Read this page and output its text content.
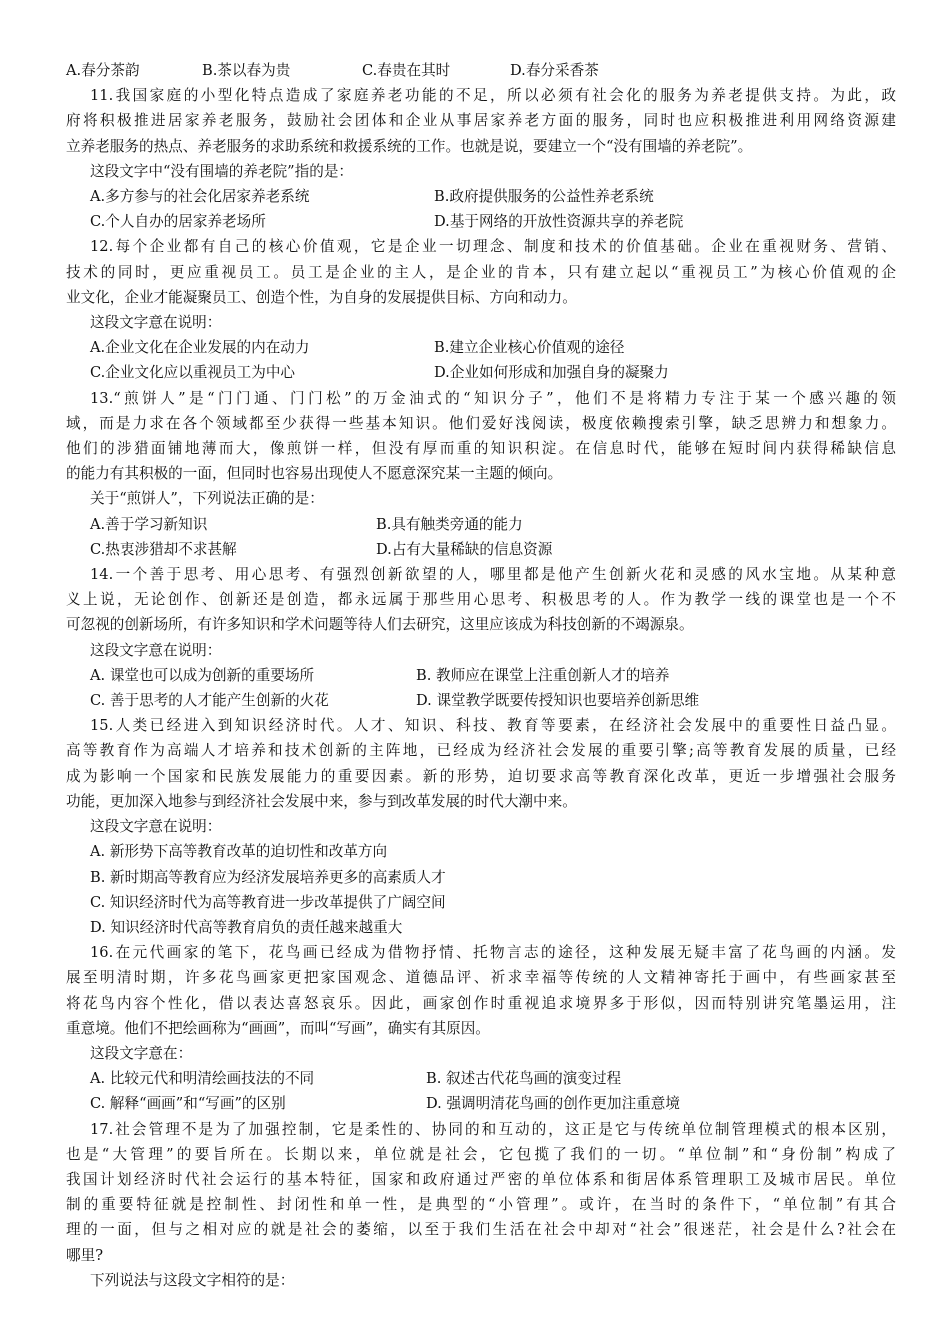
A.春分茶韵	B.茶以春为贵	C.春贵在其时	D.春分采香茶
11.我国家庭的小型化特点造成了家庭养老功能的不足，所以必须有社会化的服务为养老提供支持。为此，政
府将积极推进居家养老服务，鼓励社会团体和企业从事居家养老方面的服务，同时也应积极推进利用网络资源建
立养老服务的热点、养老服务的求助系统和救援系统的工作。也就是说，要建立一个“没有围墙的养老院”。
这段文字中“没有围墙的养老院”指的是：
A.多方参与的社会化居家养老系统	B.政府提供服务的公益性养老系统
C.个人自办的居家养老场所	D.基于网络的开放性资源共享的养老院
12.每个企业都有自己的核心价值观，它是企业一切理念、制度和技术的价值基础。企业在重视财务、营销、
技术的同时，更应重视员工。员工是企业的主人，是企业的肯本，只有建立起以“重视员工”为核心价值观的企
业文化，企业才能凝聚员工、创造个性，为自身的发展提供目标、方向和动力。
这段文字意在说明：
A.企业文化在企业发展的内在动力	B.建立企业核心价值观的途径
C.企业文化应以重视员工为中心	D.企业如何形成和加强自身的凝聚力
13.“煎饼人”是“门门通、门门松”的万金油式的“知识分子”，他们不是将精力专注于某一个感兴趣的领
域，而是力求在各个领域都至少获得一些基本知识。他们爱好浅阅读，极度依赖搜索引擎，缺乏思辨力和想象力。
他们的涉猎面铺地薄而大，像煎饼一样，但没有厚而重的知识积淀。在信息时代，能够在短时间内获得稀缺信息
的能力有其积极的一面，但同时也容易出现使人不愿意深究某一主题的倾向。
关于“煎饼人”，下列说法正确的是：
A.善于学习新知识	B.具有触类旁通的能力
C.热衷涉猎却不求甚解	D.占有大量稀缺的信息资源
14.一个善于思考、用心思考、有强烈创新欲望的人，哪里都是他产生创新火花和灵感的风水宝地。从某种意
义上说，无论创作、创新还是创造，都永远属于那些用心思考、积极思考的人。作为教学一线的课堂也是一个不
可忽视的创新场所，有许多知识和学术问题等待人们去研究，这里应该成为科技创新的不竭源泉。
这段文字意在说明：
A. 课堂也可以成为创新的重要场所	B. 教师应在课堂上注重创新人才的培养
C. 善于思考的人才能产生创新的火花	D. 课堂教学既要传授知识也要培养创新思维
15.人类已经进入到知识经济时代。人才、知识、科技、教育等要素，在经济社会发展中的重要性日益凸显。
高等教育作为高端人才培养和技术创新的主阵地，已经成为经济社会发展的重要引擎;高等教育发展的质量，已经
成为影响一个国家和民族发展能力的重要因素。新的形势，迫切要求高等教育深化改革，更近一步增强社会服务
功能，更加深入地参与到经济社会发展中来，参与到改革发展的时代大潮中来。
这段文字意在说明：
A. 新形势下高等教育改革的迫切性和改革方向
B. 新时期高等教育应为经济发展培养更多的高素质人才
C. 知识经济时代为高等教育进一步改革提供了广阔空间
D. 知识经济时代高等教育肩负的责任越来越重大
16.在元代画家的笔下，花鸟画已经成为借物抒情、托物言志的途径，这种发展无疑丰富了花鸟画的内涵。发
展至明清时期，许多花鸟画家更把家国观念、道德品评、祈求幸福等传统的人文精神寄托于画中，有些画家甚至
将花鸟内容个性化，借以表达喜怒哀乐。因此，画家创作时重视追求境界多于形似，因而特别讲究笔墨运用，注
重意境。他们不把绘画称为“画画”，而叫“写画”，确实有其原因。
这段文字意在：
A. 比较元代和明清绘画技法的不同	B. 叙述古代花鸟画的演变过程
C. 解释“画画”和“写画”的区别	D. 强调明清花鸟画的创作更加注重意境
17.社会管理不是为了加强控制，它是柔性的、协同的和互动的，这正是它与传统单位制管理模式的根本区别，
也是“大管理”的要旨所在。长期以来，单位就是社会，它包揽了我们的一切。“单位制”和“身份制”构成了
我国计划经济时代社会运行的基本特征，国家和政府通过严密的单位体系和街居体系管理职工及城市居民。单位
制的重要特征就是控制性、封闭性和单一性，是典型的“小管理”。或许，在当时的条件下，“单位制”有其合
理的一面，但与之相对应的就是社会的萎缩，以至于我们生活在社会中却对“社会”很迷茫，社会是什么?社会在
哪里?
下列说法与这段文字相符的是：
